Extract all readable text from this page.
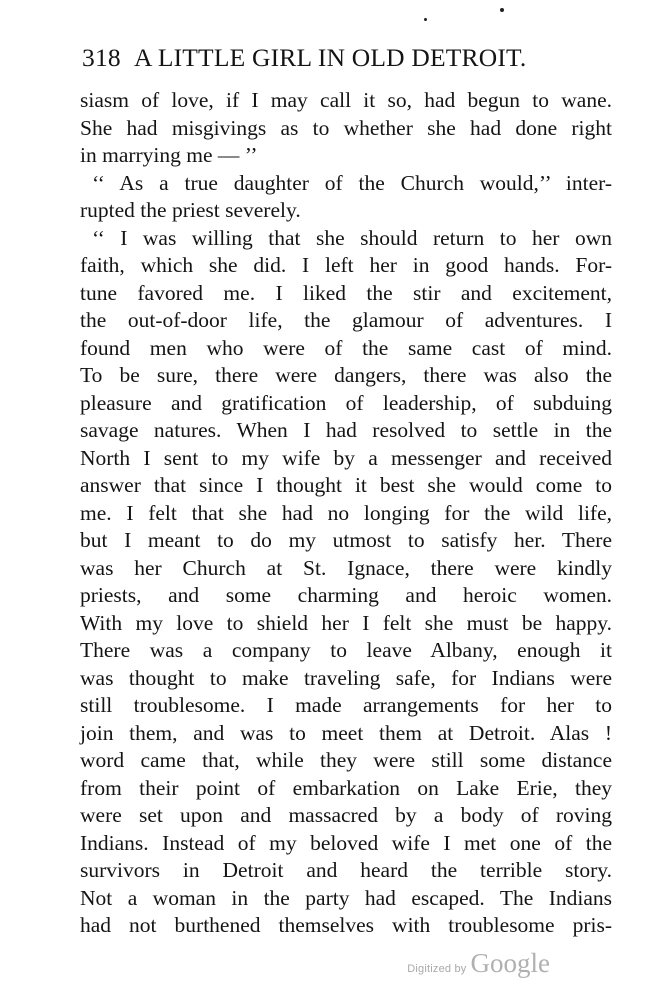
318 A LITTLE GIRL IN OLD DETROIT.
siasm of love, if I may call it so, had begun to wane.
She had misgivings as to whether she had done right
in marrying me — ’’
‘‘ As a true daughter of the Church would,’’ inter-
rupted the priest severely.
‘‘ I was willing that she should return to her own
faith, which she did. I left her in good hands. For-
tune favored me. I liked the stir and excitement,
the out-of-door life, the glamour of adventures. I
found men who were of the same cast of mind.
To be sure, there were dangers, there was also the
pleasure and gratification of leadership, of subduing
savage natures. When I had resolved to settle in the
North I sent to my wife by a messenger and received
answer that since I thought it best she would come to
me. I felt that she had no longing for the wild life,
but I meant to do my utmost to satisfy her. There
was her Church at St. Ignace, there were kindly
priests, and some charming and heroic women.
With my love to shield her I felt she must be happy.
There was a company to leave Albany, enough it
was thought to make traveling safe, for Indians were
still troublesome. I made arrangements for her to
join them, and was to meet them at Detroit. Alas !
word came that, while they were still some distance
from their point of embarkation on Lake Erie, they
were set upon and massacred by a body of roving
Indians. Instead of my beloved wife I met one of the
survivors in Detroit and heard the terrible story.
Not a woman in the party had escaped. The Indians
had not burthened themselves with troublesome pris-
Digitized by Google
